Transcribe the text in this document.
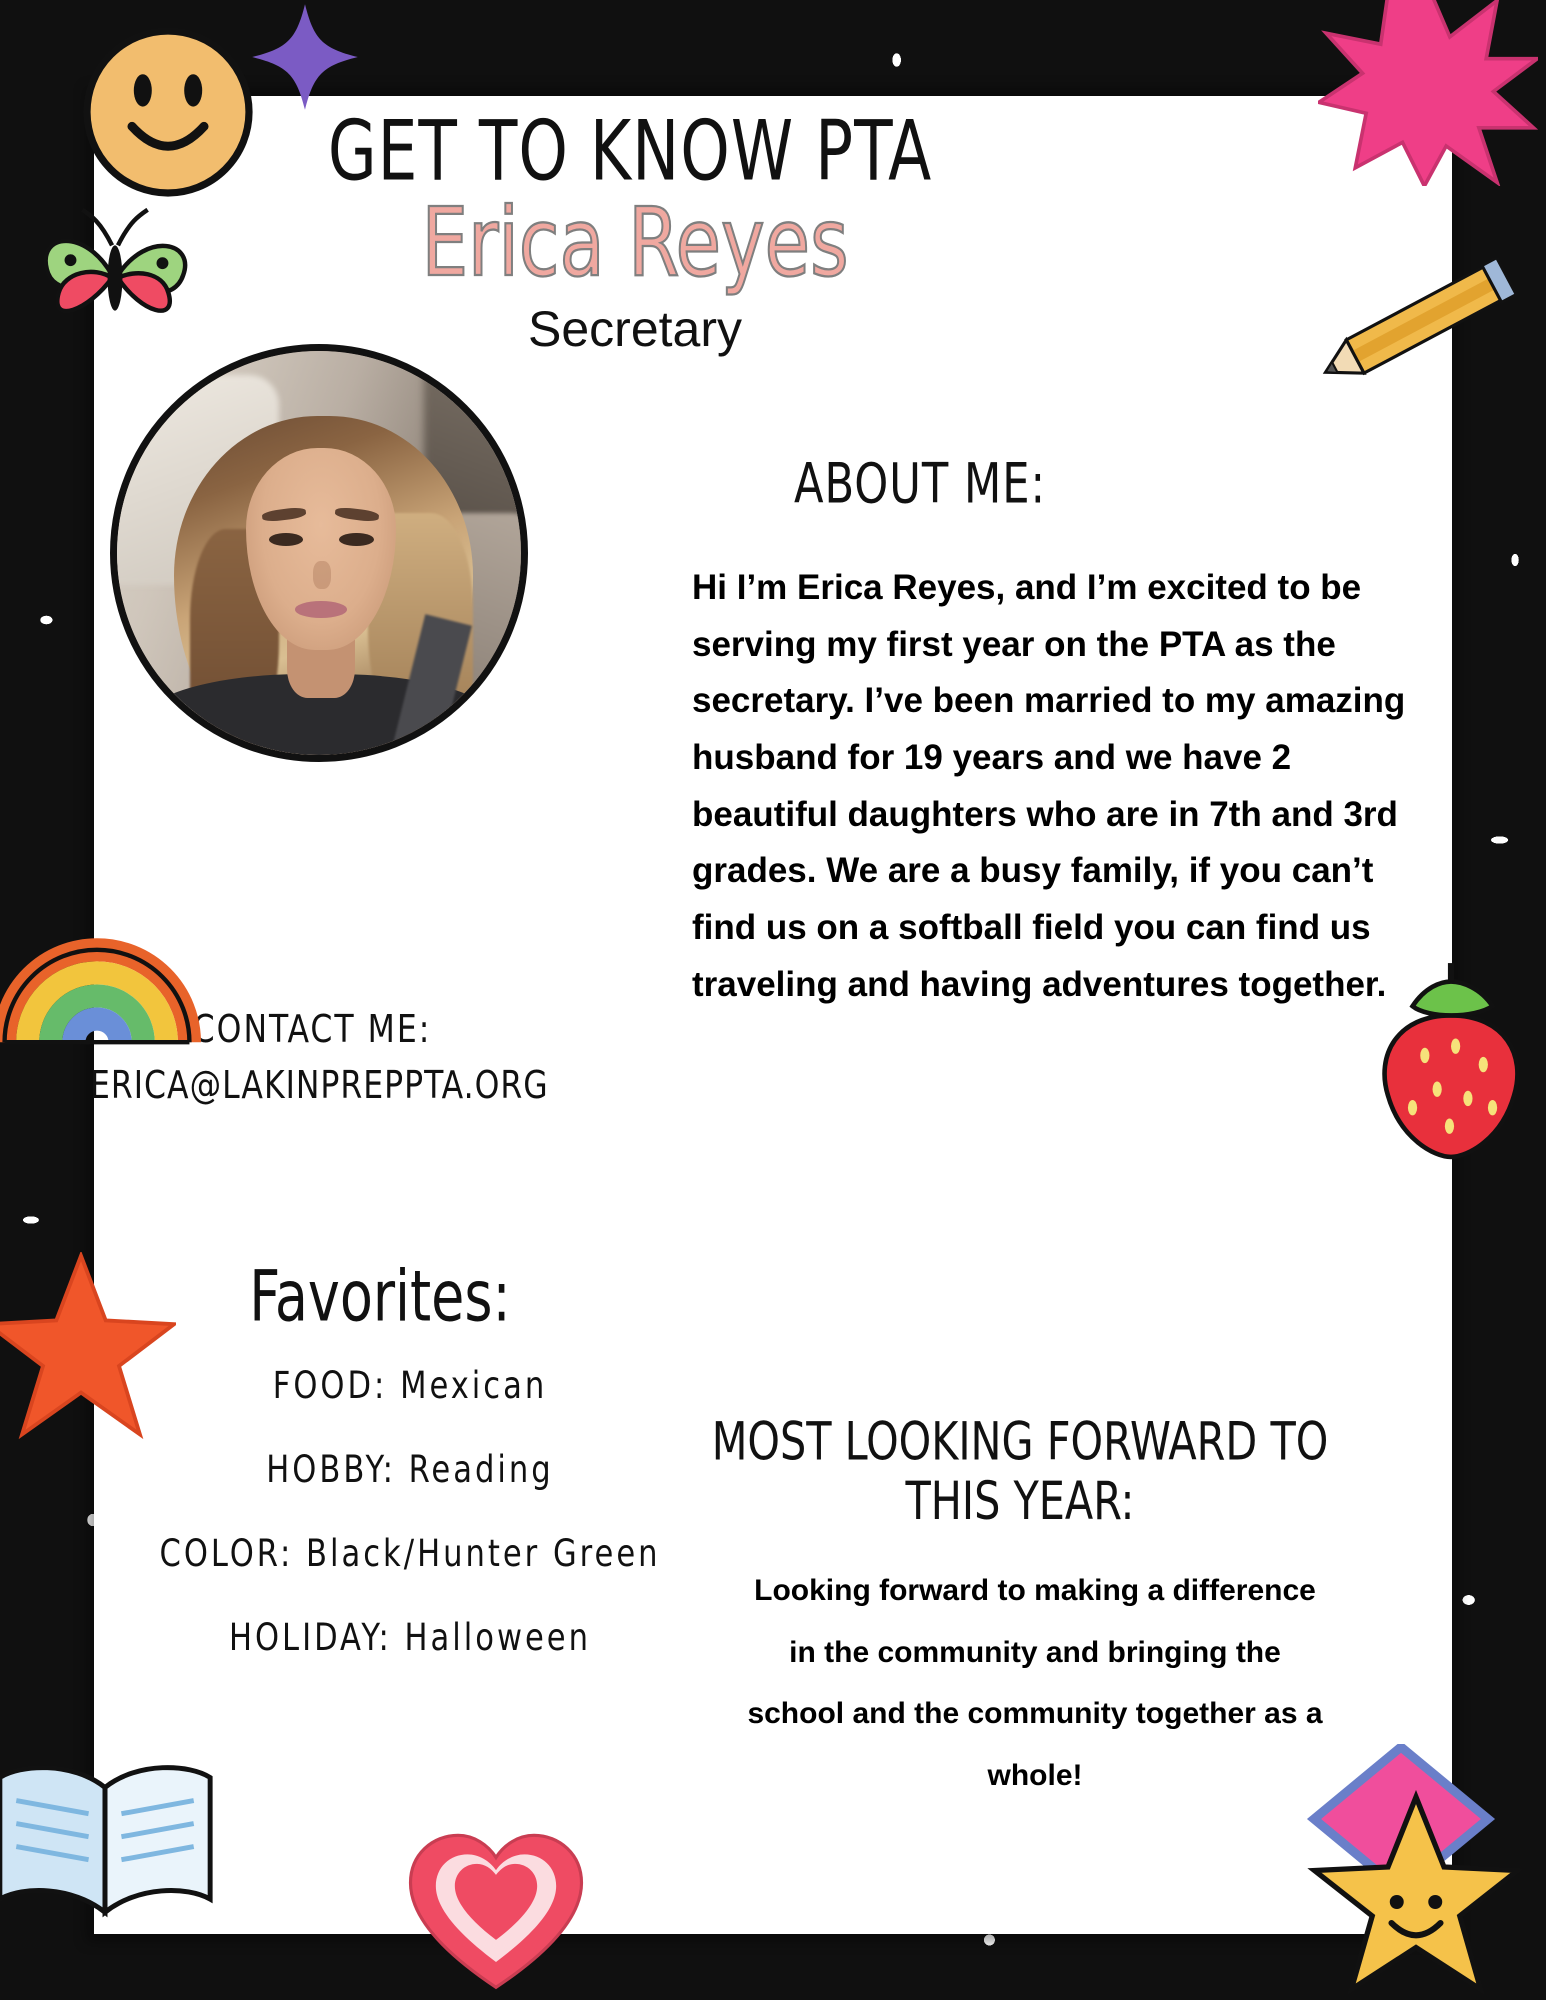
GET TO KNOW PTA
Erica Reyes
Secretary
CONTACT ME:
ERICA@LAKINPREPPTA.ORG
ABOUT ME:
Hi I’m Erica Reyes, and I’m excited to be serving my first year on the PTA as the secretary. I’ve been married to my amazing husband for 19 years and we have 2 beautiful daughters who are in 7th and 3rd grades. We are a busy family, if you can’t find us on a softball field you can find us traveling and having adventures together.
Favorites:
FOOD: Mexican
HOBBY: Reading
COLOR: Black/Hunter Green
HOLIDAY: Halloween
MOST LOOKING FORWARD TO
THIS YEAR:
Looking forward to making a difference in the community and bringing the school and the community together as a whole!
